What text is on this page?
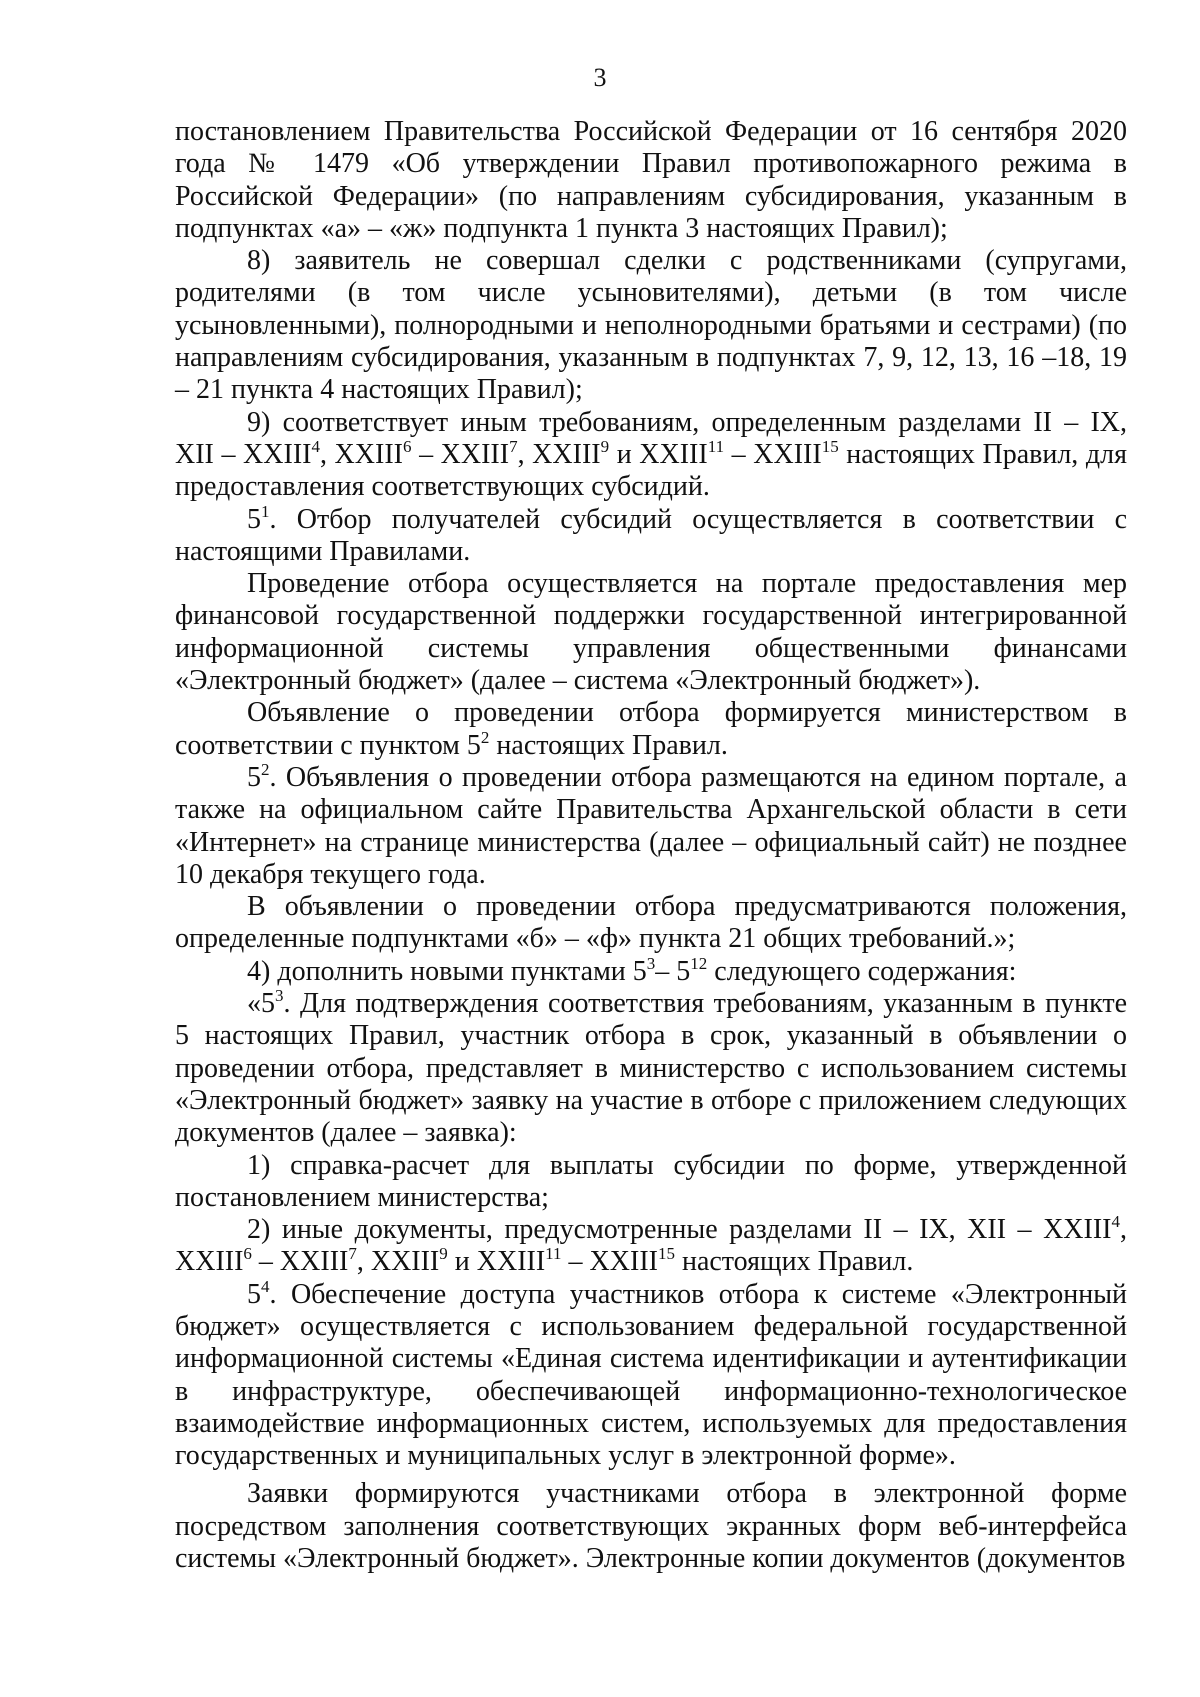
3

постановлением Правительства Российской Федерации от 16 сентября 2020 года № 1479 «Об утверждении Правил противопожарного режима в Российской Федерации» (по направлениям субсидирования, указанным в подпунктах «а» – «ж» подпункта 1 пункта 3 настоящих Правил);

8) заявитель не совершал сделки с родственниками (супругами, родителями (в том числе усыновителями), детьми (в том числе усыновленными), полнородными и неполнородными братьями и сестрами) (по направлениям субсидирования, указанным в подпунктах 7, 9, 12, 13, 16 –18, 19 – 21 пункта 4 настоящих Правил);

9) соответствует иным требованиям, определенным разделами II – IX, XII – XXIII$^4$, XXIII$^6$ – XXIII$^7$, XXIII$^9$ и XXIII$^{11}$ – XXIII$^{15}$ настоящих Правил, для предоставления соответствующих субсидий.

$5^1$. Отбор получателей субсидий осуществляется в соответствии с настоящими Правилами.

Проведение отбора осуществляется на портале предоставления мер финансовой государственной поддержки государственной интегрированной информационной системы управления общественными финансами «Электронный бюджет» (далее – система «Электронный бюджет»).

Объявление о проведении отбора формируется министерством в соответствии с пунктом $5^2$ настоящих Правил.

$5^2$. Объявления о проведении отбора размещаются на едином портале, а также на официальном сайте Правительства Архангельской области в сети «Интернет» на странице министерства (далее – официальный сайт) не позднее 10 декабря текущего года.

В объявлении о проведении отбора предусматриваются положения, определенные подпунктами «б» – «ф» пункта 21 общих требований.»;

4) дополнить новыми пунктами $5^3-$ $5^{12}$ следующего содержания:

«$5^3$. Для подтверждения соответствия требованиям, указанным в пункте 5 настоящих Правил, участник отбора в срок, указанный в объявлении о проведении отбора, представляет в министерство с использованием системы «Электронный бюджет» заявку на участие в отборе с приложением следующих документов (далее – заявка):

1) справка-расчет для выплаты субсидии по форме, утвержденной постановлением министерства;

2) иные документы, предусмотренные разделами II – IX, XII – XXIII$^4$, XXIII$^6$ – XXIII$^7$, XXIII$^9$ и XXIII$^{11}$ – XXIII$^{15}$ настоящих Правил.

$5^4$. Обеспечение доступа участников отбора к системе «Электронный бюджет» осуществляется с использованием федеральной государственной информационной системы «Единая система идентификации и аутентификации в инфраструктуре, обеспечивающей информационно-технологическое взаимодействие информационных систем, используемых для предоставления государственных и муниципальных услуг в электронной форме».

Заявки формируются участниками отбора в электронной форме посредством заполнения соответствующих экранных форм веб-интерфейса системы «Электронный бюджет». Электронные копии документов (документов
